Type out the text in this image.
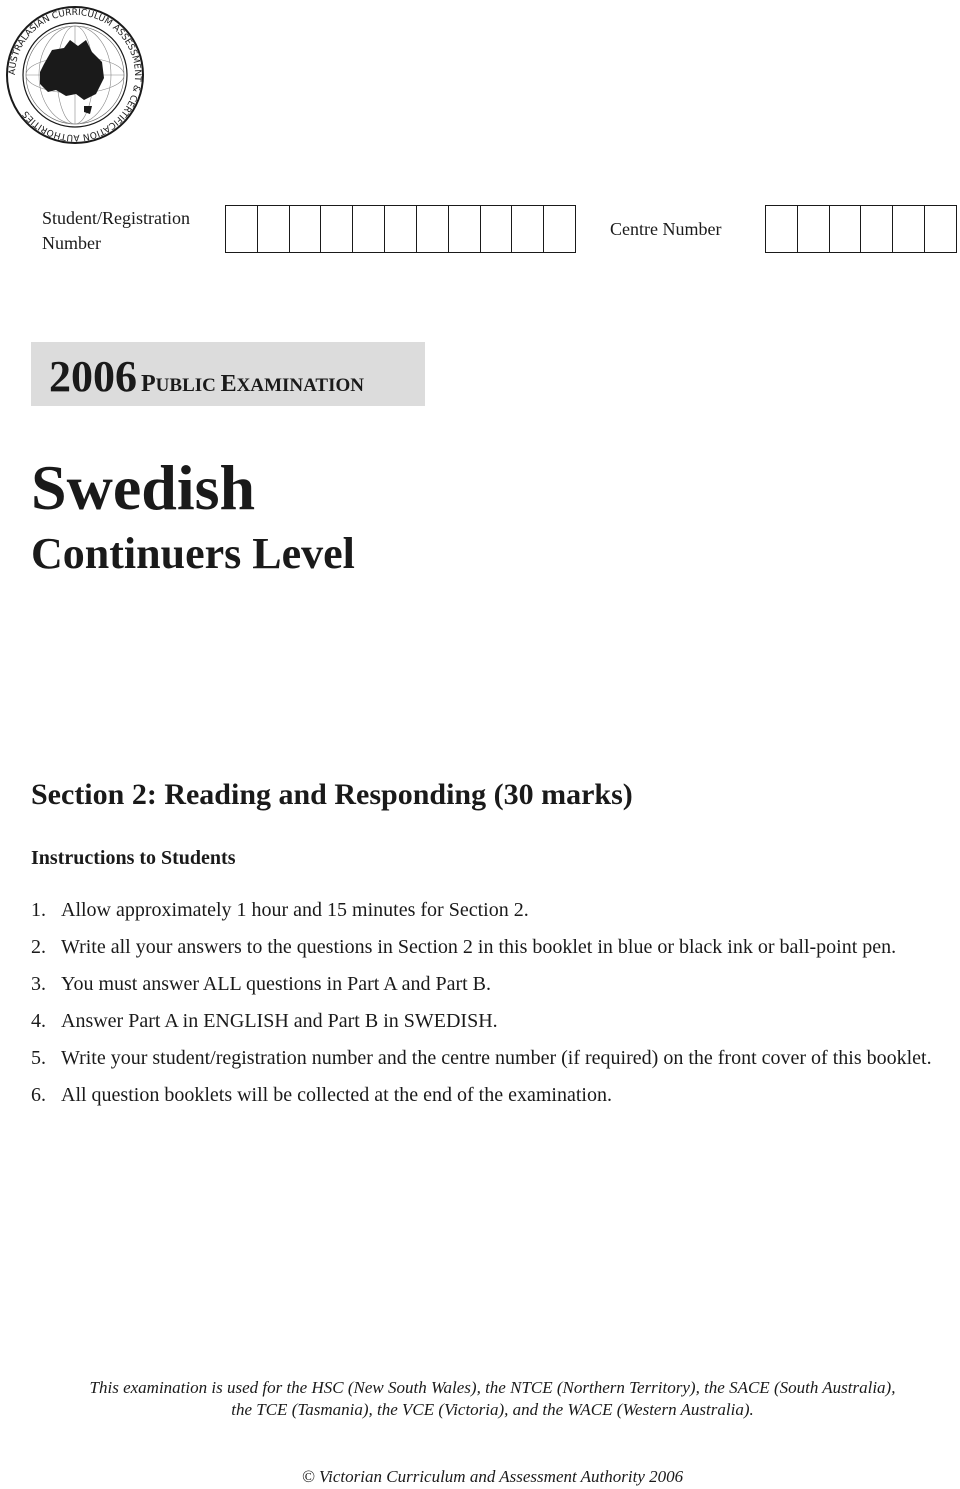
AUSTRALASIAN CURRICULUM ASSESSMENT & CERTIFICATION AUTHORITIES
Student/Registration Number
Centre Number
2006 PUBLIC EXAMINATION
Swedish
Continuers Level
Section 2: Reading and Responding (30 marks)
Instructions to Students
1. Allow approximately 1 hour and 15 minutes for Section 2.
2. Write all your answers to the questions in Section 2 in this booklet in blue or black ink or ball-point pen.
3. You must answer ALL questions in Part A and Part B.
4. Answer Part A in ENGLISH and Part B in SWEDISH.
5. Write your student/registration number and the centre number (if required) on the front cover of this booklet.
6. All question booklets will be collected at the end of the examination.
This examination is used for the HSC (New South Wales), the NTCE (Northern Territory), the SACE (South Australia),
the TCE (Tasmania), the VCE (Victoria), and the WACE (Western Australia).
© Victorian Curriculum and Assessment Authority 2006
